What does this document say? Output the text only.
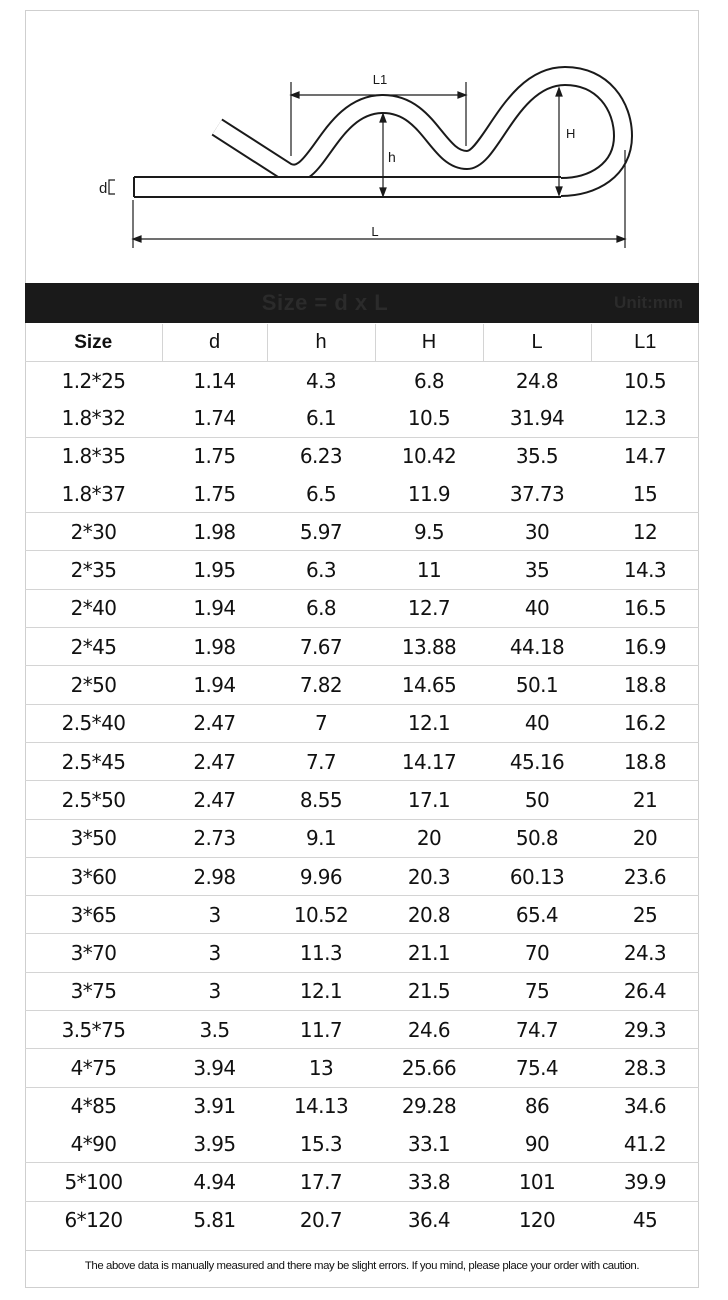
L1
h
H
d
L
Size = d x L	Unit:mm
Size	d	h	H	L	L1
1.2*25	1.14	4.3	6.8	24.8	10.5
1.8*32	1.74	6.1	10.5	31.94	12.3
1.8*35	1.75	6.23	10.42	35.5	14.7
1.8*37	1.75	6.5	11.9	37.73	15
2*30	1.98	5.97	9.5	30	12
2*35	1.95	6.3	11	35	14.3
2*40	1.94	6.8	12.7	40	16.5
2*45	1.98	7.67	13.88	44.18	16.9
2*50	1.94	7.82	14.65	50.1	18.8
2.5*40	2.47	7	12.1	40	16.2
2.5*45	2.47	7.7	14.17	45.16	18.8
2.5*50	2.47	8.55	17.1	50	21
3*50	2.73	9.1	20	50.8	20
3*60	2.98	9.96	20.3	60.13	23.6
3*65	3	10.52	20.8	65.4	25
3*70	3	11.3	21.1	70	24.3
3*75	3	12.1	21.5	75	26.4
3.5*75	3.5	11.7	24.6	74.7	29.3
4*75	3.94	13	25.66	75.4	28.3
4*85	3.91	14.13	29.28	86	34.6
4*90	3.95	15.3	33.1	90	41.2
5*100	4.94	17.7	33.8	101	39.9
6*120	5.81	20.7	36.4	120	45
The above data is manually measured and there may be slight errors. If you mind, please place your order with caution.
